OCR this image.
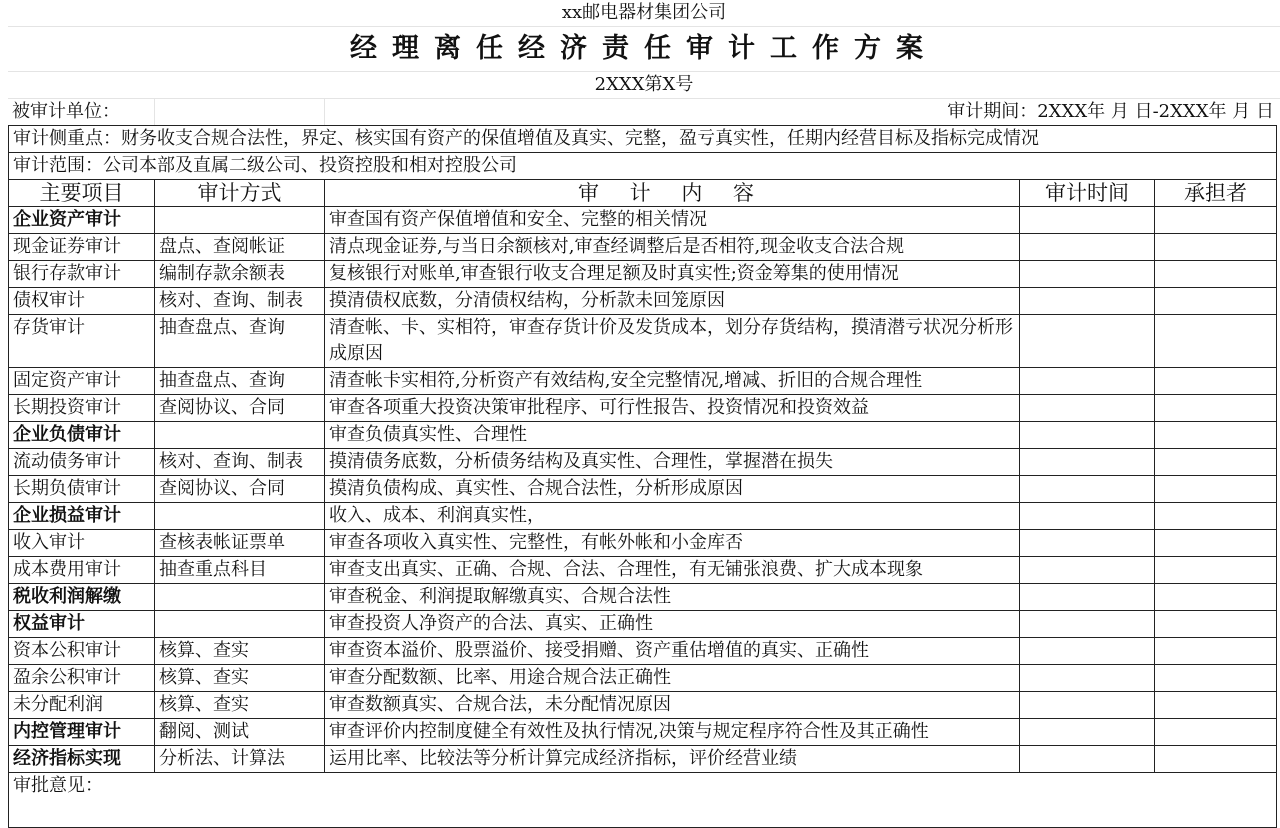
xx邮电器材集团公司
经理离任经济责任审计工作方案
2XXX第X号
被审计单位：	审计期间：2XXX年 月 日-2XXX年 月 日
审计侧重点：财务收支合规合法性，界定、核实国有资产的保值增值及真实、完整，盈亏真实性，任期内经营目标及指标完成情况				
审计范围：公司本部及直属二级公司、投资控股和相对控股公司				
主要项目	审计方式	审 计 内 容	审计时间	承担者
企业资产审计		审查国有资产保值增值和安全、完整的相关情况		
现金证券审计	盘点、查阅帐证	清点现金证券,与当日余额核对,审查经调整后是否相符,现金收支合法合规		
银行存款审计	编制存款余额表	复核银行对账单,审查银行收支合理足额及时真实性;资金筹集的使用情况		
债权审计	核对、查询、制表	摸清债权底数，分清债权结构，分析款未回笼原因		
存货审计	抽查盘点、查询	清查帐、卡、实相符，审查存货计价及发货成本，划分存货结构，摸清潜亏状况分析形成原因		
固定资产审计	抽查盘点、查询	清查帐卡实相符,分析资产有效结构,安全完整情况,增减、折旧的合规合理性		
长期投资审计	查阅协议、合同	审查各项重大投资决策审批程序、可行性报告、投资情况和投资效益		
企业负债审计		审查负债真实性、合理性		
流动债务审计	核对、查询、制表	摸清债务底数，分析债务结构及真实性、合理性，掌握潜在损失		
长期负债审计	查阅协议、合同	摸清负债构成、真实性、合规合法性，分析形成原因		
企业损益审计		收入、成本、利润真实性，		
收入审计	查核表帐证票单	审查各项收入真实性、完整性，有帐外帐和小金库否		
成本费用审计	抽查重点科目	审查支出真实、正确、合规、合法、合理性，有无铺张浪费、扩大成本现象		
税收利润解缴		审查税金、利润提取解缴真实、合规合法性		
权益审计		审查投资人净资产的合法、真实、正确性		
资本公积审计	核算、查实	审查资本溢价、股票溢价、接受捐赠、资产重估增值的真实、正确性		
盈余公积审计	核算、查实	审查分配数额、比率、用途合规合法正确性		
未分配利润	核算、查实	审查数额真实、合规合法，未分配情况原因		
内控管理审计	翻阅、测试	审查评价内控制度健全有效性及执行情况,决策与规定程序符合性及其正确性		
经济指标实现	分析法、计算法	运用比率、比较法等分析计算完成经济指标，评价经营业绩		
审批意见：				
